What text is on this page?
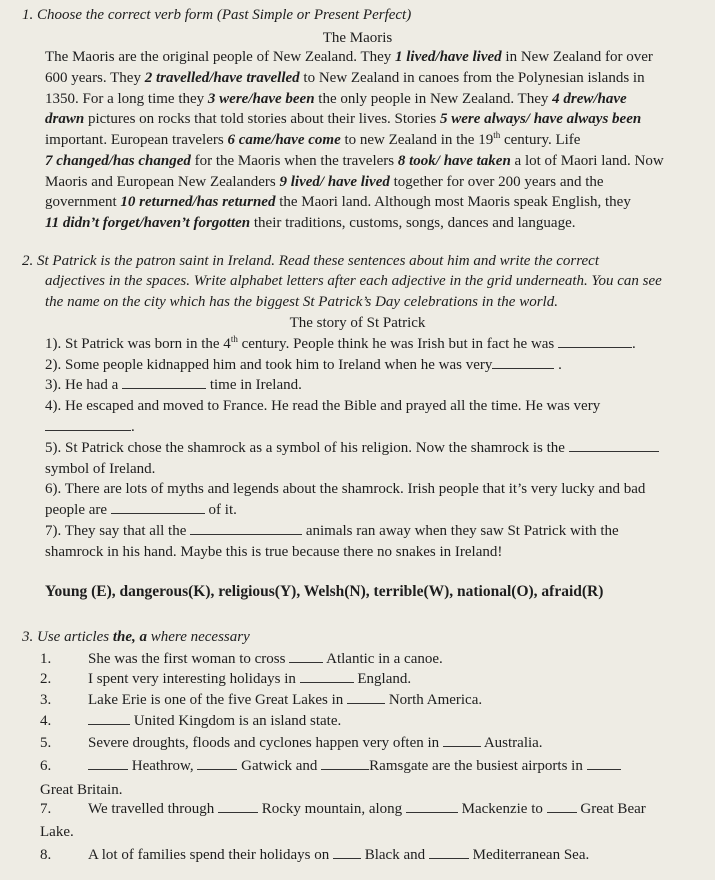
1. Choose the correct verb form (Past Simple or Present Perfect)
The Maoris
The Maoris are the original people of New Zealand. They 1 lived/have lived in New Zealand for over
600 years. They 2 travelled/have travelled to New Zealand in canoes from the Polynesian islands in
1350. For a long time they 3 were/have been the only people in New Zealand. They 4 drew/have
drawn pictures on rocks that told stories about their lives. Stories 5 were always/ have always been
important. European travelers 6 came/have come to new Zealand in the 19th century. Life
7 changed/has changed for the Maoris when the travelers 8 took/ have taken a lot of Maori land. Now
Maoris and European New Zealanders 9 lived/ have lived together for over 200 years and the
government 10 returned/has returned the Maori land. Although most Maoris speak English, they
11 didn’t forget/haven’t forgotten their traditions, customs, songs, dances and language.
2. St Patrick is the patron saint in Ireland. Read these sentences about him and write the correct
adjectives in the spaces. Write alphabet letters after each adjective in the grid underneath. You can see
the name on the city which has the biggest St Patrick’s Day celebrations in the world.
The story of St Patrick
1). St Patrick was born in the 4th century. People think he was Irish but in fact he was	.
2). Some people kidnapped him and took him to Ireland when he was very	.
3). He had a	time in Ireland.
4). He escaped and moved to France. He read the Bible and prayed all the time. He was very
.
5). St Patrick chose the shamrock as a symbol of his religion. Now the shamrock is the
symbol of Ireland.
6). There are lots of myths and legends about the shamrock. Irish people that it’s very lucky and bad
people are	of it.
7). They say that all the	animals ran away when they saw St Patrick with the
shamrock in his hand. Maybe this is true because there no snakes in Ireland!
Young (E), dangerous(K), religious(Y), Welsh(N), terrible(W), national(O), afraid(R)
3. Use articles the, a where necessary
1. She was the first woman to cross  Atlantic in a canoe.
2. I spent very interesting holidays in	England.
3. Lake Erie is one of the five Great Lakes in	North America.
4.	United Kingdom is an island state.
5. Severe droughts, floods and cyclones happen very often in	Australia.
6.	Heathrow,	Gatwick and	Ramsgate are the busiest airports in
Great Britain.
7. We travelled through	Rocky mountain, along	Mackenzie to  Great Bear
Lake.
8. A lot of families spend their holidays on  Black and	Mediterranean Sea.
